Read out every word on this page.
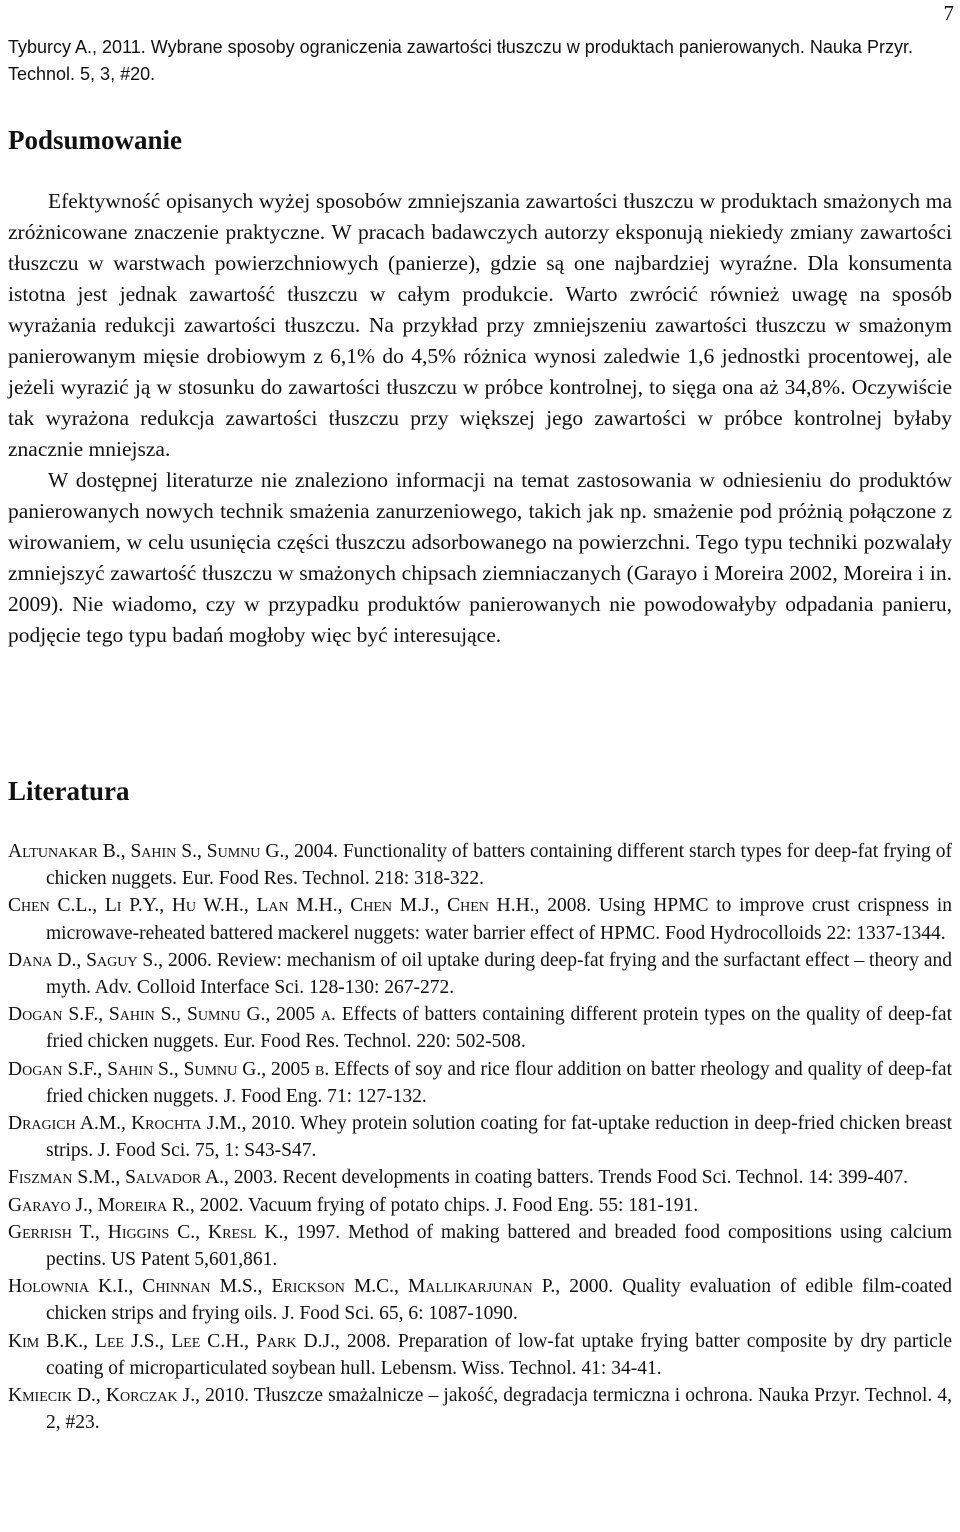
7
Tyburcy A., 2011. Wybrane sposoby ograniczenia zawartości tłuszczu w produktach panierowanych. Nauka Przyr. Technol. 5, 3, #20.
Podsumowanie

Efektywność opisanych wyżej sposobów zmniejszania zawartości tłuszczu w produktach smażonych ma zróżnicowane znaczenie praktyczne. W pracach badawczych autorzy eksponują niekiedy zmiany zawartości tłuszczu w warstwach powierzchniowych (panierze), gdzie są one najbardziej wyraźne. Dla konsumenta istotna jest jednak zawartość tłuszczu w całym produkcie. Warto zwrócić również uwagę na sposób wyrażania redukcji zawartości tłuszczu. Na przykład przy zmniejszeniu zawartości tłuszczu w smażonym panierowanym mięsie drobiowym z 6,1% do 4,5% różnica wynosi zaledwie 1,6 jednostki procentowej, ale jeżeli wyrazić ją w stosunku do zawartości tłuszczu w próbce kontrolnej, to sięga ona aż 34,8%. Oczywiście tak wyrażona redukcja zawartości tłuszczu przy większej jego zawartości w próbce kontrolnej byłaby znacznie mniejsza.

W dostępnej literaturze nie znaleziono informacji na temat zastosowania w odniesieniu do produktów panierowanych nowych technik smażenia zanurzeniowego, takich jak np. smażenie pod próżnią połączone z wirowaniem, w celu usunięcia części tłuszczu adsorbowanego na powierzchni. Tego typu techniki pozwalały zmniejszyć zawartość tłuszczu w smażonych chipsach ziemniaczanych (Garayo i Moreira 2002, Moreira i in. 2009). Nie wiadomo, czy w przypadku produktów panierowanych nie powodowałyby odpadania panieru, podjęcie tego typu badań mogłoby więc być interesujące.

Literatura
Altunakar B., Sahin S., Sumnu G., 2004. Functionality of batters containing different starch types for deep-fat frying of chicken nuggets. Eur. Food Res. Technol. 218: 318-322.
Chen C.L., Li P.Y., Hu W.H., Lan M.H., Chen M.J., Chen H.H., 2008. Using HPMC to improve crust crispness in microwave-reheated battered mackerel nuggets: water barrier effect of HPMC. Food Hydrocolloids 22: 1337-1344.
Dana D., Saguy S., 2006. Review: mechanism of oil uptake during deep-fat frying and the surfactant effect – theory and myth. Adv. Colloid Interface Sci. 128-130: 267-272.
Dogan S.F., Sahin S., Sumnu G., 2005 a. Effects of batters containing different protein types on the quality of deep-fat fried chicken nuggets. Eur. Food Res. Technol. 220: 502-508.
Dogan S.F., Sahin S., Sumnu G., 2005 b. Effects of soy and rice flour addition on batter rheology and quality of deep-fat fried chicken nuggets. J. Food Eng. 71: 127-132.
Dragich A.M., Krochta J.M., 2010. Whey protein solution coating for fat-uptake reduction in deep-fried chicken breast strips. J. Food Sci. 75, 1: S43-S47.
Fiszman S.M., Salvador A., 2003. Recent developments in coating batters. Trends Food Sci. Technol. 14: 399-407.
Garayo J., Moreira R., 2002. Vacuum frying of potato chips. J. Food Eng. 55: 181-191.
Gerrish T., Higgins C., Kresl K., 1997. Method of making battered and breaded food compositions using calcium pectins. US Patent 5,601,861.
Holownia K.I., Chinnan M.S., Erickson M.C., Mallikarjunan P., 2000. Quality evaluation of edible film-coated chicken strips and frying oils. J. Food Sci. 65, 6: 1087-1090.
Kim B.K., Lee J.S., Lee C.H., Park D.J., 2008. Preparation of low-fat uptake frying batter composite by dry particle coating of microparticulated soybean hull. Lebensm. Wiss. Technol. 41: 34-41.
Kmiecik D., Korczak J., 2010. Tłuszcze smażalnicze – jakość, degradacja termiczna i ochrona. Nauka Przyr. Technol. 4, 2, #23.
